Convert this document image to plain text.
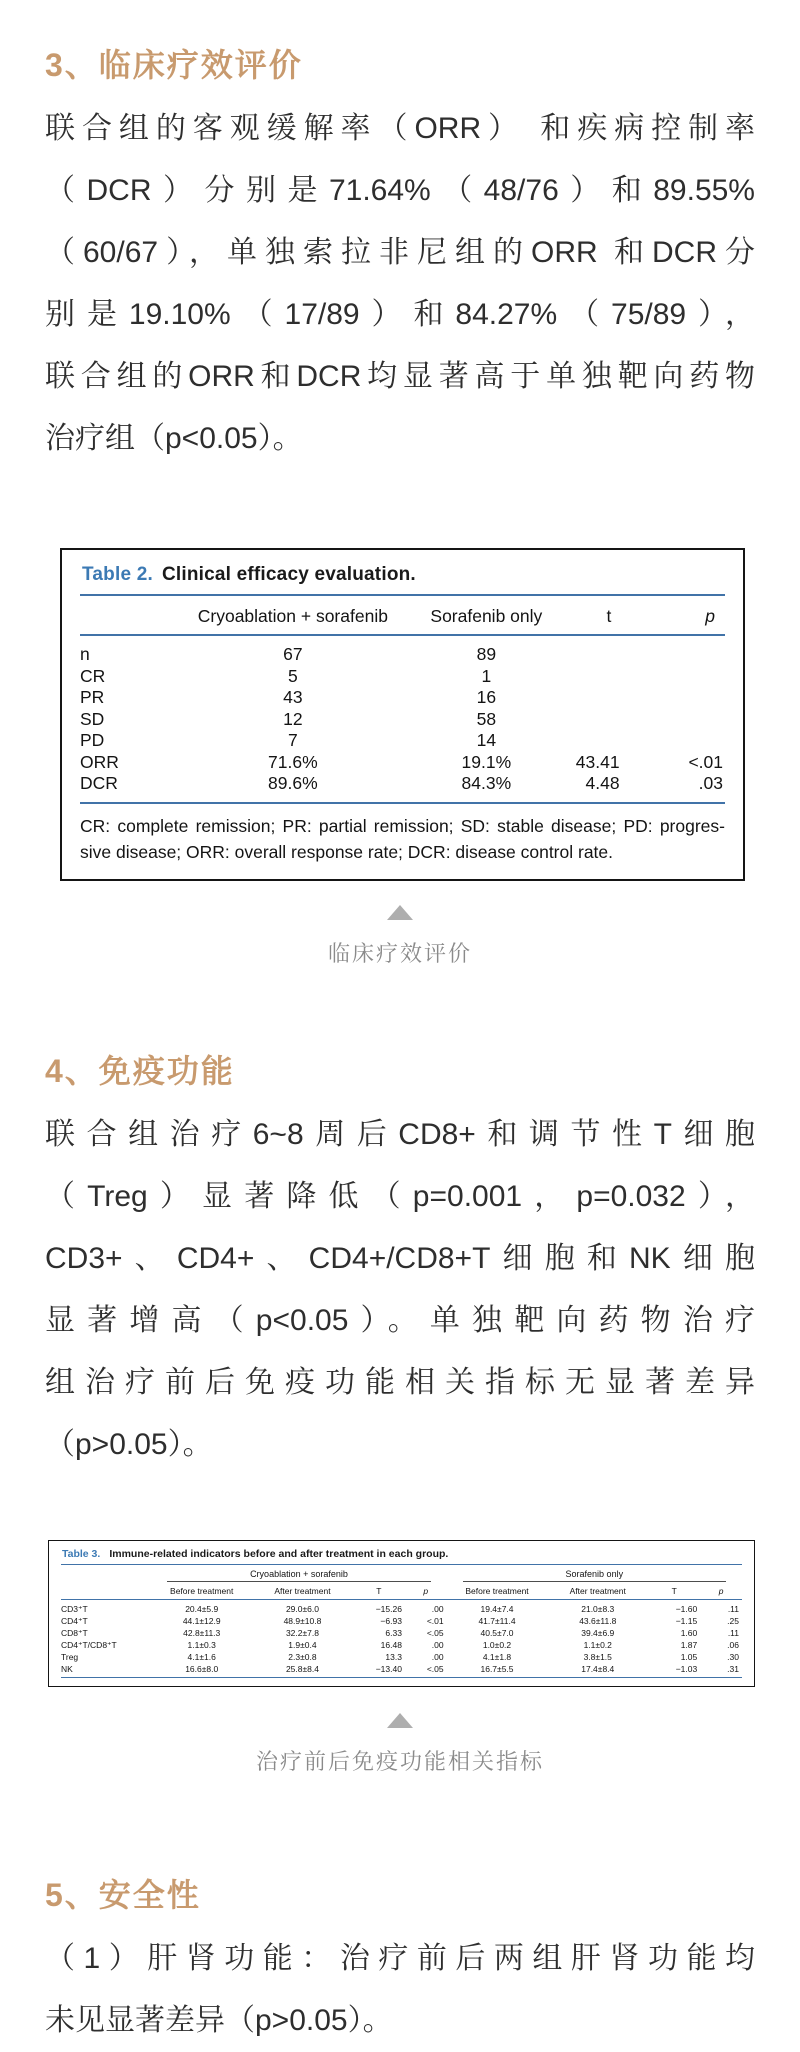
3、临床疗效评价
联合组的客观缓解率（ORR） 和疾病控制率
（DCR）分别是71.64%（48/76）和89.55%
（60/67），单独索拉非尼组的ORR 和DCR分
别是19.10%（17/89）和84.27%（75/89），
联合组的ORR和DCR均显著高于单独靶向药物
治疗组（p<0.05）。
Table 2. Clinical efficacy evaluation.
	Cryoablation + sorafenib	Sorafenib only	t	p
n	67	89		
CR	5	1		
PR	43	16		
SD	12	58		
PD	7	14		
ORR	71.6%	19.1%	43.41	<.01
DCR	89.6%	84.3%	4.48	.03
CR: complete remission; PR: partial remission; SD: stable disease; PD: progres-
sive disease; ORR: overall response rate; DCR: disease control rate.
临床疗效评价
4、免疫功能
联合组治疗6~8周后CD8+和调节性T细胞
（Treg）显著降低（p=0.001，p=0.032），
CD3+、CD4+、CD4+/CD8+T细胞和NK细胞
显著增高（p<0.05）。单独靶向药物治疗
组治疗前后免疫功能相关指标无显著差异
（p>0.05）。
Table 3. Immune-related indicators before and after treatment in each group.

	Cryoablation + sorafenib				Sorafenib only			

	Before treatment	After treatment	T	p	Before treatment	After treatment	T	p
CD3⁺T	20.4±5.9	29.0±6.0	−15.26	.00	19.4±7.4	21.0±8.3	−1.60	.11
CD4⁺T	44.1±12.9	48.9±10.8	−6.93	<.01	41.7±11.4	43.6±11.8	−1.15	.25
CD8⁺T	42.8±11.3	32.2±7.8	6.33	<.05	40.5±7.0	39.4±6.9	1.60	.11
CD4⁺T/CD8⁺T	1.1±0.3	1.9±0.4	16.48	.00	1.0±0.2	1.1±0.2	1.87	.06
Treg	4.1±1.6	2.3±0.8	13.3	.00	4.1±1.8	3.8±1.5	1.05	.30
NK	16.6±8.0	25.8±8.4	−13.40	<.05	16.7±5.5	17.4±8.4	−1.03	.31
治疗前后免疫功能相关指标
5、安全性
（1）肝肾功能：治疗前后两组肝肾功能均
未见显著差异（p>0.05）。
